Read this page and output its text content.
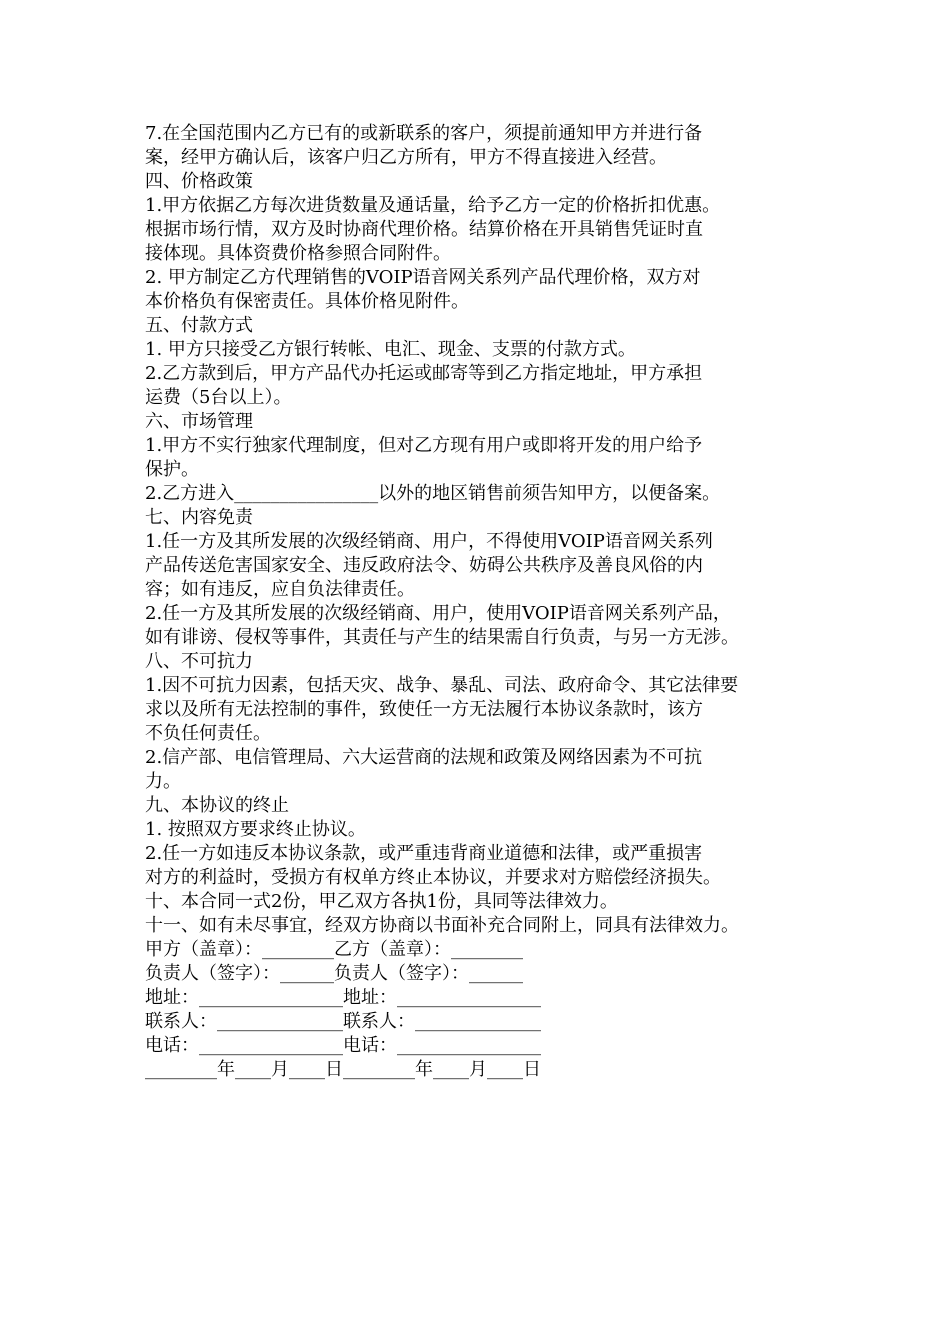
7.在全国范围内乙方已有的或新联系的客户，须提前通知甲方并进行备
案，经甲方确认后，该客户归乙方所有，甲方不得直接进入经营。
四、价格政策
1.甲方依据乙方每次进货数量及通话量，给予乙方一定的价格折扣优惠。
根据市场行情，双方及时协商代理价格。结算价格在开具销售凭证时直
接体现。具体资费价格参照合同附件。
2. 甲方制定乙方代理销售的VOIP语音网关系列产品代理价格，双方对
本价格负有保密责任。具体价格见附件。
五、付款方式
1. 甲方只接受乙方银行转帐、电汇、现金、支票的付款方式。
2.乙方款到后，甲方产品代办托运或邮寄等到乙方指定地址，甲方承担
运费（5台以上）。
六、市场管理
1.甲方不实行独家代理制度，但对乙方现有用户或即将开发的用户给予
保护。
2.乙方进入________________以外的地区销售前须告知甲方，以便备案。
七、内容免责
1.任一方及其所发展的次级经销商、用户，不得使用VOIP语音网关系列
产品传送危害国家安全、违反政府法令、妨碍公共秩序及善良风俗的内
容；如有违反，应自负法律责任。
2.任一方及其所发展的次级经销商、用户，使用VOIP语音网关系列产品，
如有诽谤、侵权等事件，其责任与产生的结果需自行负责，与另一方无涉。
八、不可抗力
1.因不可抗力因素，包括天灾、战争、暴乱、司法、政府命令、其它法律要
求以及所有无法控制的事件，致使任一方无法履行本协议条款时，该方
不负任何责任。
2.信产部、电信管理局、六大运营商的法规和政策及网络因素为不可抗
力。
九、本协议的终止
1. 按照双方要求终止协议。
2.任一方如违反本协议条款，或严重违背商业道德和法律，或严重损害
对方的利益时，受损方有权单方终止本协议，并要求对方赔偿经济损失。
十、本合同一式2份，甲乙双方各执1份，具同等法律效力。
十一、如有未尽事宜，经双方协商以书面补充合同附上，同具有法律效力。
甲方（盖章）：________乙方（盖章）：________
负责人（签字）：______负责人（签字）：______
地址：________________地址：________________
联系人：______________联系人：______________
电话：________________电话：________________
________年____月____日________年____月____日
